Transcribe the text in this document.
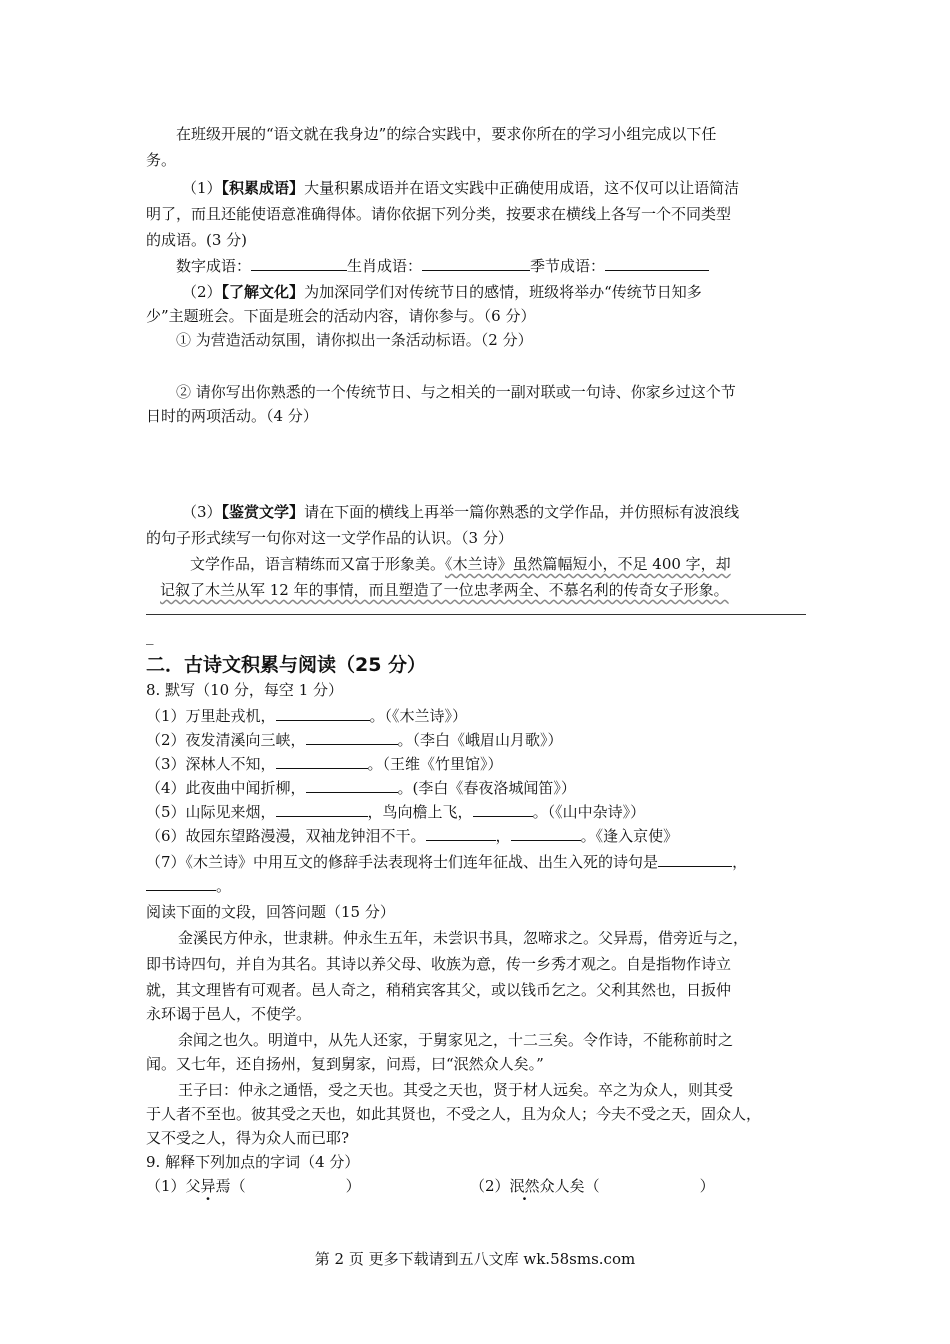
在班级开展的“语文就在我身边”的综合实践中，要求你所在的学习小组完成以下任
务。
（1）【积累成语】大量积累成语并在语文实践中正确使用成语，这不仅可以让语简洁
明了，而且还能使语意准确得体。请你依据下列分类，按要求在横线上各写一个不同类型
的成语。(3 分)
数字成语：	生肖成语：	季节成语：
（2）【了解文化】为加深同学们对传统节日的感情，班级将举办“传统节日知多
少”主题班会。下面是班会的活动内容，请你参与。（6 分）
① 为营造活动氛围，请你拟出一条活动标语。（2 分）
② 请你写出你熟悉的一个传统节日、与之相关的一副对联或一句诗、你家乡过这个节
日时的两项活动。（4 分）
（3）【鉴赏文学】请在下面的横线上再举一篇你熟悉的文学作品，并仿照标有波浪线
的句子形式续写一句你对这一文学作品的认识。（3 分）
文学作品，语言精练而又富于形象美。《木兰诗》虽然篇幅短小，不足 400 字，却
记叙了木兰从军 12 年的事情，而且塑造了一位忠孝两全、不慕名利的传奇女子形象。
_
二．古诗文积累与阅读（25 分）
8. 默写（10 分，每空 1 分）
（1）万里赴戎机，	。（《木兰诗》）
（2）夜发清溪向三峡，	。（李白《峨眉山月歌》）
（3）深林人不知，	。（王维《竹里馆》）
（4）此夜曲中闻折柳，	。(李白《春夜洛城闻笛》）
（5）山际见来烟，	，鸟向檐上飞，	。（《山中杂诗》）
（6）故园东望路漫漫，双袖龙钟泪不干。	，	。《逢入京使》
（7）《木兰诗》中用互文的修辞手法表现将士们连年征战、出生入死的诗句是	，
。
阅读下面的文段，回答问题（15 分）
金溪民方仲永，世隶耕。仲永生五年，未尝识书具，忽啼求之。父异焉，借旁近与之，
即书诗四句，并自为其名。其诗以养父母、收族为意，传一乡秀才观之。自是指物作诗立
就，其文理皆有可观者。邑人奇之，稍稍宾客其父，或以钱币乞之。父利其然也，日扳仲
永环谒于邑人，不使学。
余闻之也久。明道中，从先人还家，于舅家见之，十二三矣。令作诗，不能称前时之
闻。又七年，还自扬州，复到舅家，问焉，曰“泯然众人矣。”
王子曰：仲永之通悟，受之天也。其受之天也，贤于材人远矣。卒之为众人，则其受
于人者不至也。彼其受之天也，如此其贤也，不受之人，且为众人；今夫不受之天，固众人，
又不受之人，得为众人而已耶?
9. 解释下列加点的字词（4 分）
（1）父异焉（	）	（2）泯然众人矣（	）
第 2 页 更多下载请到五八文库 wk.58sms.com
